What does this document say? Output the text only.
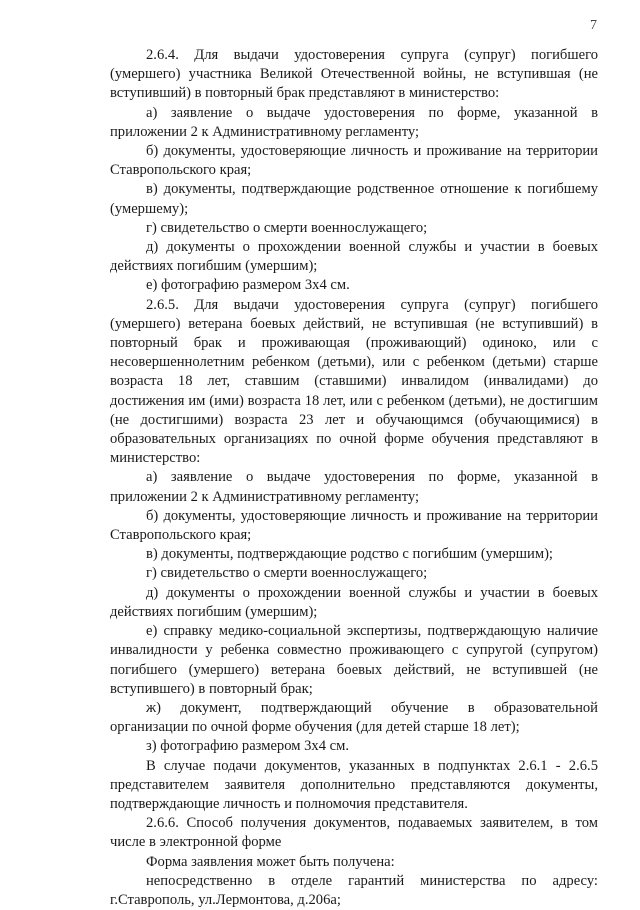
7

2.6.4. Для выдачи удостоверения супруга (супруг) погибшего (умершего) участника Великой Отечественной войны, не вступившая (не вступивший) в повторный брак представляют в министерство:

а) заявление о выдаче удостоверения по форме, указанной в приложении 2 к Административному регламенту;

б) документы, удостоверяющие личность и проживание на территории Ставропольского края;

в) документы, подтверждающие родственное отношение к погибшему (умершему);

г) свидетельство о смерти военнослужащего;

д) документы о прохождении военной службы и участии в боевых действиях погибшим (умершим);

е) фотографию размером 3х4 см.

2.6.5. Для выдачи удостоверения супруга (супруг) погибшего (умершего) ветерана боевых действий, не вступившая (не вступивший) в повторный брак и проживающая (проживающий) одиноко, или с несовершеннолетним ребенком (детьми), или с ребенком (детьми) старше возраста 18 лет, ставшим (ставшими) инвалидом (инвалидами) до достижения им (ими) возраста 18 лет, или с ребенком (детьми), не достигшим (не достигшими) возраста 23 лет и обучающимся (обучающимися) в образовательных организациях по очной форме обучения представляют в министерство:

а) заявление о выдаче удостоверения по форме, указанной в приложении 2 к Административному регламенту;

б) документы, удостоверяющие личность и проживание на территории Ставропольского края;

в) документы, подтверждающие родство с погибшим (умершим);

г) свидетельство о смерти военнослужащего;

д) документы о прохождении военной службы и участии в боевых действиях погибшим (умершим);

е) справку медико-социальной экспертизы, подтверждающую наличие инвалидности у ребенка совместно проживающего с супругой (супругом) погибшего (умершего) ветерана боевых действий, не вступившей (не вступившего) в повторный брак;

ж) документ, подтверждающий обучение в образовательной организации по очной форме обучения (для детей старше 18 лет);

з) фотографию размером 3х4 см.

В случае подачи документов, указанных в подпунктах 2.6.1 - 2.6.5 представителем заявителя дополнительно представляются документы, подтверждающие личность и полномочия представителя.

2.6.6. Способ получения документов, подаваемых заявителем, в том числе в электронной форме

Форма заявления может быть получена:

непосредственно в отделе гарантий министерства по адресу: г.Ставрополь, ул.Лермонтова, д.206а;
